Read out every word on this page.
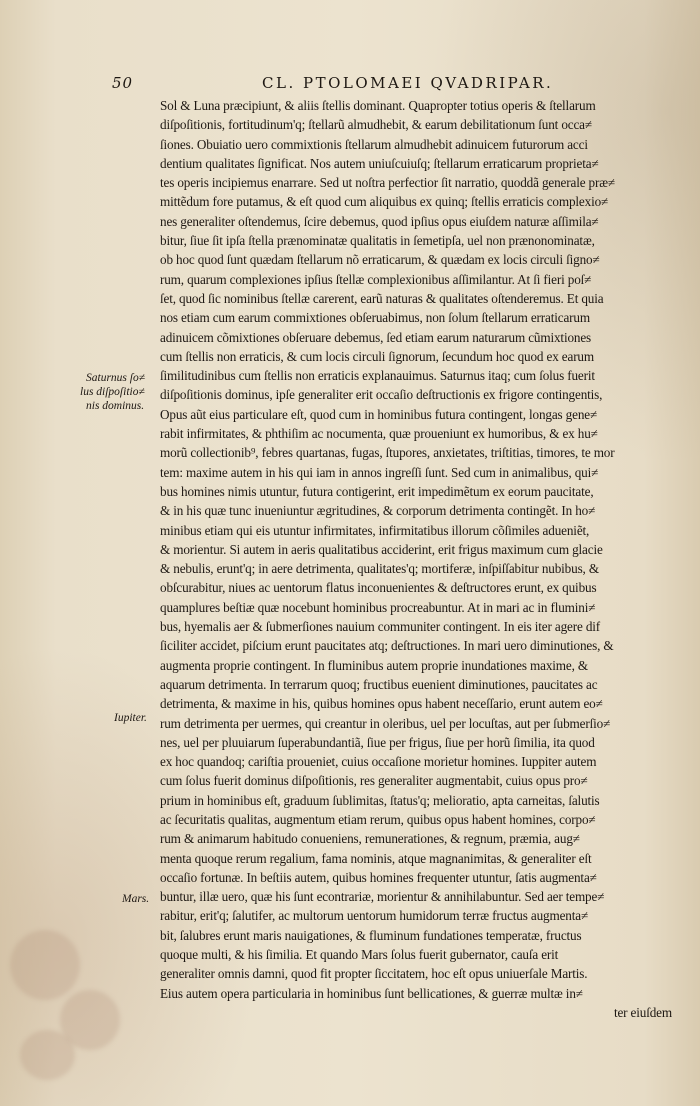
50	CL. PTOLOMAEI QVADRIPAR.
Sol & Luna præcipiunt, & aliis ſtellis dominant. Quapropter totius operis & ſtellarum
diſpoſitionis, fortitudinum'q; ſtellarũ almudhebit, & earum debilitationum ſunt occa≠
ſiones. Obuiatio uero commixtionis ſtellarum almudhebit adinuicem futurorum acci
dentium qualitates ſignificat. Nos autem uniuſcuiuſq; ſtellarum erraticarum proprieta≠
tes operis incipiemus enarrare. Sed ut noſtra perfectior ſit narratio, quoddã generale præ≠
mittẽdum fore putamus, & eſt quod cum aliquibus ex quinq; ſtellis erraticis complexio≠
nes generaliter oſtendemus, ſcire debemus, quod ipſius opus eiuſdem naturæ aſſimila≠
bitur, ſiue ſit ipſa ſtella prænominatæ qualitatis in ſemetipſa, uel non prænonominatæ,
ob hoc quod ſunt quædam ſtellarum nõ erraticarum, & quædam ex locis circuli ſigno≠
rum, quarum complexiones ipſius ſtellæ complexionibus aſſimilantur. At ſi fieri poſ≠
ſet, quod ſic nominibus ſtellæ carerent, earũ naturas & qualitates oſtenderemus. Et quia
nos etiam cum earum commixtiones obſeruabimus, non ſolum ſtellarum erraticarum
adinuicem cõmixtiones obſeruare debemus, ſed etiam earum naturarum cũmixtiones
cum ſtellis non erraticis, & cum locis circuli ſignorum, ſecundum hoc quod ex earum
ſimilitudinibus cum ſtellis non erraticis explanauimus. Saturnus itaq; cum ſolus fuerit
diſpoſitionis dominus, ipſe generaliter erit occaſio deſtructionis ex frigore contingentis,
Opus aũt eius particulare eſt, quod cum in hominibus futura contingent, longas gene≠
rabit infirmitates, & phthiſim ac nocumenta, quæ proueniunt ex humoribus, & ex hu≠
morũ collectionib⁹, febres quartanas, fugas, ſtupores, anxietates, triſtitias, timores, te mor
tem: maxime autem in his qui iam in annos ingreſſi ſunt. Sed cum in animalibus, qui≠
bus homines nimis utuntur, futura contigerint, erit impedimẽtum ex eorum paucitate,
& in his quæ tunc inueniuntur ægritudines, & corporum detrimenta contingẽt. In ho≠
minibus etiam qui eis utuntur infirmitates, infirmitatibus illorum cõſimiles adueniẽt,
& morientur. Si autem in aeris qualitatibus acciderint, erit frigus maximum cum glacie
& nebulis, erunt'q; in aere detrimenta, qualitates'q; mortiferæ, inſpiſſabitur nubibus, &
obſcurabitur, niues ac uentorum flatus inconuenientes & deſtructores erunt, ex quibus
quamplures beſtiæ quæ nocebunt hominibus procreabuntur. At in mari ac in flumini≠
bus, hyemalis aer & ſubmerſiones nauium communiter contingent. In eis iter agere dif
ſiciliter accidet, piſcium erunt paucitates atq; deſtructiones. In mari uero diminutiones, &
augmenta proprie contingent. In fluminibus autem proprie inundationes maxime, &
aquarum detrimenta. In terrarum quoq; fructibus euenient diminutiones, paucitates ac
detrimenta, & maxime in his, quibus homines opus habent neceſſario, erunt autem eo≠
rum detrimenta per uermes, qui creantur in oleribus, uel per locuſtas, aut per ſubmerſio≠
nes, uel per pluuiarum ſuperabundantiã, ſiue per frigus, ſiue per horũ ſimilia, ita quod
ex hoc quandoq; cariſtia proueniet, cuius occaſione morietur homines. Iuppiter autem
cum ſolus fuerit dominus diſpoſitionis, res generaliter augmentabit, cuius opus pro≠
prium in hominibus eſt, graduum ſublimitas, ſtatus'q; melioratio, apta carneitas, ſalutis
ac ſecuritatis qualitas, augmentum etiam rerum, quibus opus habent homines, corpo≠
rum & animarum habitudo conueniens, remunerationes, & regnum, præmia, aug≠
menta quoque rerum regalium, fama nominis, atque magnanimitas, & generaliter eſt
occaſio fortunæ. In beſtiis autem, quibus homines frequenter utuntur, ſatis augmenta≠
buntur, illæ uero, quæ his ſunt econtrariæ, morientur & annihilabuntur. Sed aer tempe≠
rabitur, erit'q; ſalutifer, ac multorum uentorum humidorum terræ fructus augmenta≠
bit, ſalubres erunt maris nauigationes, & fluminum fundationes temperatæ, fructus
quoque multi, & his ſimilia. Et quando Mars ſolus fuerit gubernator, cauſa erit
generaliter omnis damni, quod fit propter ſiccitatem, hoc eſt opus uniuerſale Martis.
Eius autem opera particularia in hominibus ſunt bellicationes, & guerræ multæ in≠
ter eiuſdem
Saturnus ſo≠
lus diſpoſitio≠
nis dominus.
Iupiter.
Mars.
